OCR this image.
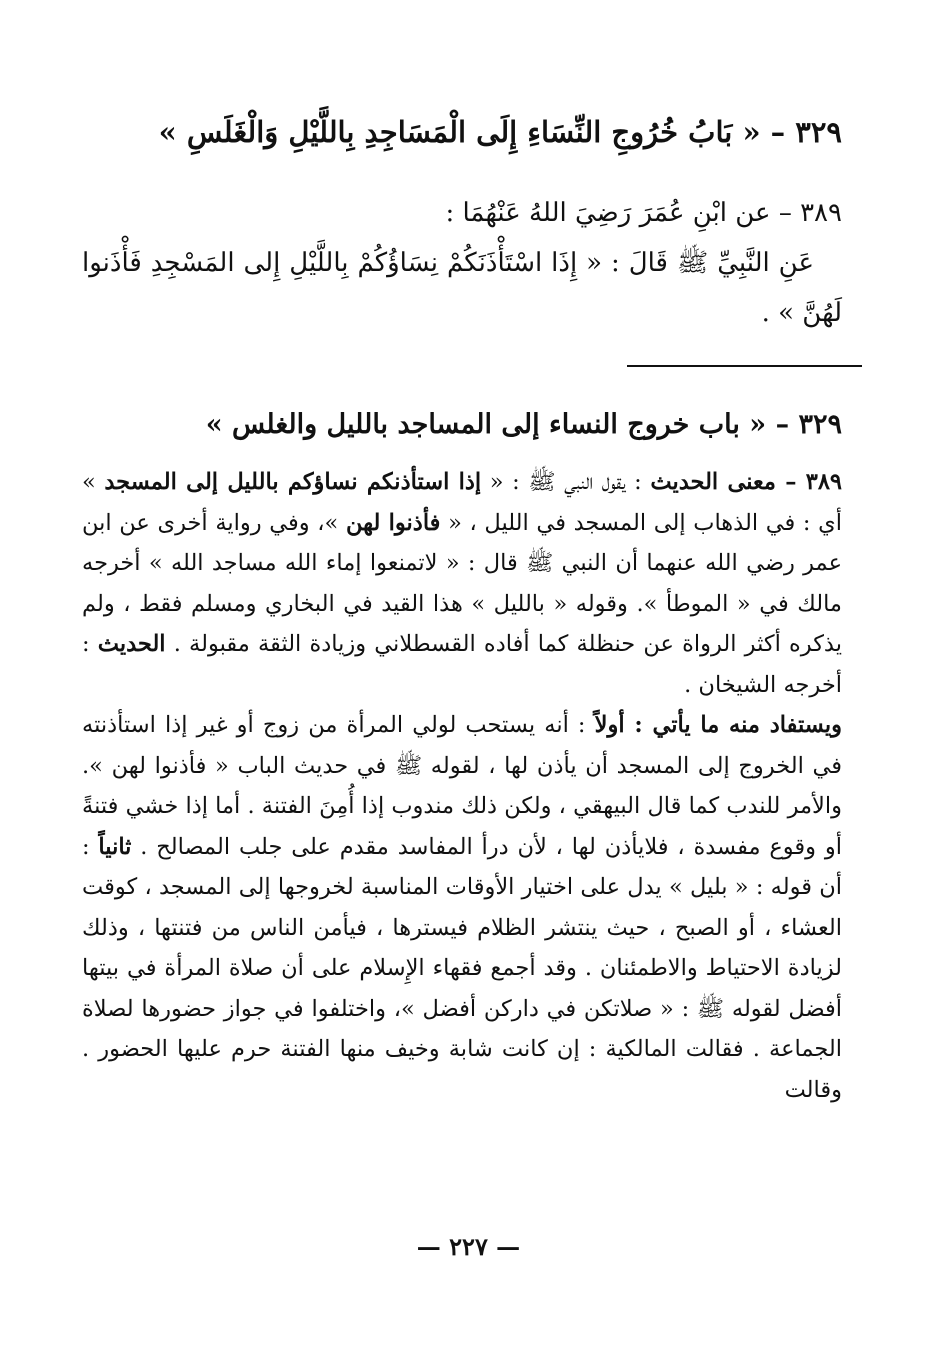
٣٢٩ – « بَابُ خُرُوجِ النِّسَاءِ إِلَى الْمَسَاجِدِ بِاللَّيْلِ وَالْغَلَسِ »

٣٨٩ – عن ابْنِ عُمَرَ رَضِيَ اللهُ عَنْهُمَا :

عَنِ النَّبِيِّ ﷺ قَالَ : « إِذَا اسْتَأْذَنَكُمْ نِسَاؤُكُمْ بِاللَّيْلِ إِلى المَسْجِدِ فَأْذَنوا لَهُنَّ » .

٣٢٩ – « باب خروج النساء إلى المساجد بالليل والغلس »

٣٨٩ – معنى الحديث : يقول النبي ﷺ : « إذا استأذنكم نساؤكم بالليل إلى المسجد » أي : في الذهاب إلى المسجد في الليل ، « فأذنوا لهن »، وفي رواية أخرى عن ابن عمر رضي الله عنهما أن النبي ﷺ قال : « لاتمنعوا إماء الله مساجد الله » أخرجه مالك في « الموطأ ». وقوله « بالليل » هذا القيد في البخاري ومسلم فقط ، ولم يذكره أكثر الرواة عن حنظلة كما أفاده القسطلاني وزيادة الثقة مقبولة . الحديث : أخرجه الشيخان .

ويستفاد منه ما يأتي : أولاً : أنه يستحب لولي المرأة من زوج أو غير إذا استأذنته في الخروج إلى المسجد أن يأذن لها ، لقوله ﷺ في حديث الباب « فأذنوا لهن ». والأمر للندب كما قال البيهقي ، ولكن ذلك مندوب إذا أُمِنَ الفتنة . أما إذا خشي فتنةً أو وقوع مفسدة ، فلايأذن لها ، لأن درأ المفاسد مقدم على جلب المصالح . ثانياً : أن قوله : « بليل » يدل على اختيار الأوقات المناسبة لخروجها إلى المسجد ، كوقت العشاء ، أو الصبح ، حيث ينتشر الظلام فيسترها ، فيأمن الناس من فتنتها ، وذلك لزيادة الاحتياط والاطمئنان . وقد أجمع فقهاء الإِسلام على أن صلاة المرأة في بيتها أفضل لقوله ﷺ : « صلاتكن في داركن أفضل »، واختلفوا في جواز حضورها لصلاة الجماعة . فقالت المالكية : إن كانت شابة وخيف منها الفتنة حرم عليها الحضور . وقالت

— ٢٢٧ —
